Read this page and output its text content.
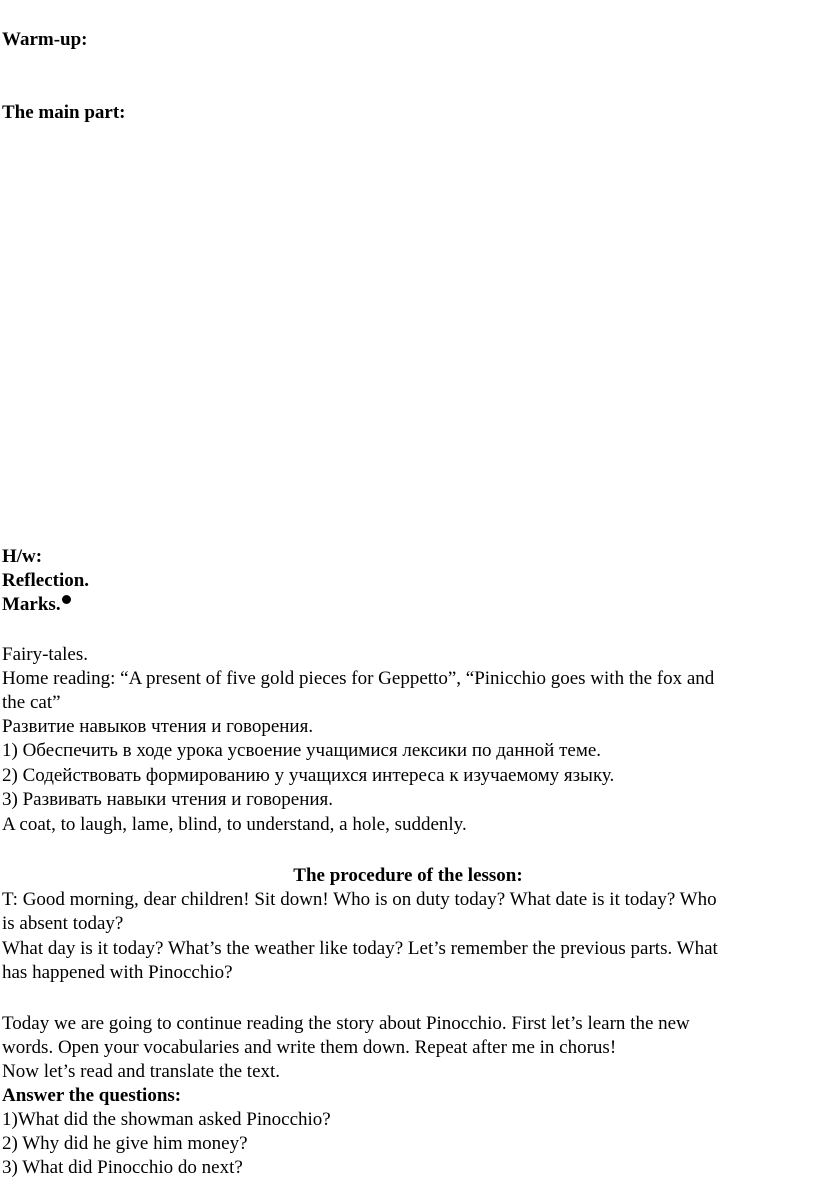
Warm-up:
The main part:
H/w:
Reflection.
Marks.
Fairy-tales.
Home reading: “A present of five gold pieces for Geppetto”, “Pinicchio goes with the fox and
the cat”
Развитие навыков чтения и говорения.
1) Обеспечить в ходе урока усвоение учащимися лексики по данной теме.
2) Содействовать формированию у учащихся интереса к изучаемому языку.
3) Развивать навыки чтения и говорения.
A coat, to laugh, lame, blind, to understand, a hole, suddenly.
The procedure of the lesson:
T: Good morning, dear children! Sit down! Who is on duty today? What date is it today? Who
is absent today?
What day is it today? What’s the weather like today? Let’s remember the previous parts. What
has happened with Pinocchio?
Today we are going to continue reading the story about Pinocchio. First let’s learn the new
words. Open your vocabularies and write them down. Repeat after me in chorus!
Now let’s read and translate the text.
Answer the questions:
1)What did the showman asked Pinocchio?
2) Why did he give him money?
3) What did Pinocchio do next?
